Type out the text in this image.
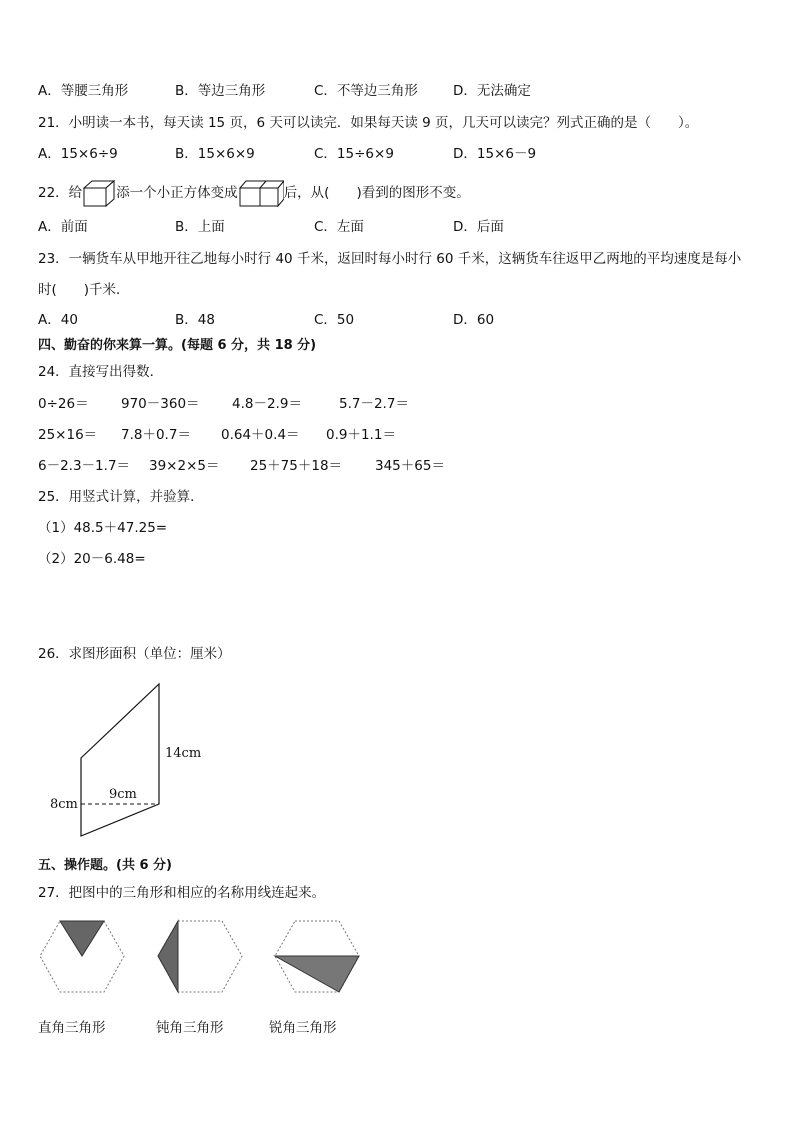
A．等腰三角形	B．等边三角形	C．不等边三角形	D．无法确定
21．小明读一本书，每天读 15 页，6 天可以读完．如果每天读 9 页，几天可以读完？列式正确的是（　　）。
A．15×6÷9	B．15×6×9	C．15÷6×9	D．15×6－9
22．给	添一个小正方体变成	后，从(　　)看到的图形不变。
A．前面	B．上面	C．左面	D．后面
23．一辆货车从甲地开往乙地每小时行 40 千米，返回时每小时行 60 千米，这辆货车往返甲乙两地的平均速度是每小
时(　　)千米．
A．40	B．48	C．50	D．60
四、勤奋的你来算一算。(每题 6 分，共 18 分)
24．直接写出得数．
0÷26＝ 970－360＝ 4.8－2.9＝	5.7－2.7＝
25×16＝ 7.8＋0.7＝ 0.64＋0.4＝ 0.9＋1.1＝
6－2.3－1.7＝ 39×2×5＝ 25＋75＋18＝ 345＋65＝
25．用竖式计算，并验算．
（1）48.5＋47.25=
（2）20－6.48=
26．求图形面积（单位：厘米）
14cm
9cm
8cm
五、操作题。(共 6 分)
27．把图中的三角形和相应的名称用线连起来。
直角三角形	钝角三角形	锐角三角形
